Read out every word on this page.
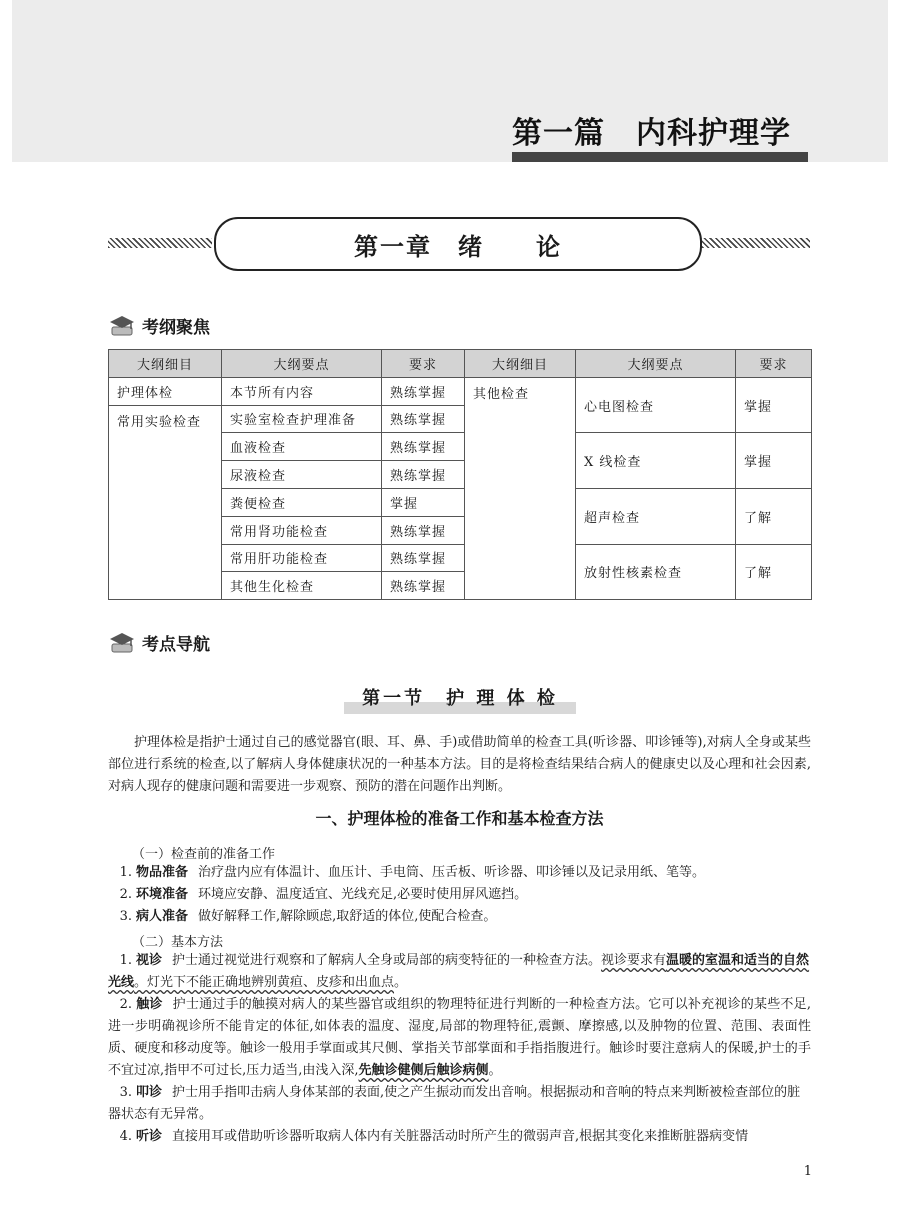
第一篇　内科护理学
第一章　绪　　论
考纲聚焦
大纲细目	大纲要点	要求	大纲细目	大纲要点	要求
护理体检	本节所有内容	熟练掌握	其他检查	心电图检查	掌握
常用实验检查	实验室检查护理准备	熟练掌握			
	血液检查	熟练掌握		X 线检查	掌握
	尿液检查	熟练掌握			
	粪便检查	掌握		超声检查	了解
	常用肾功能检查	熟练掌握			
	常用肝功能检查	熟练掌握		放射性核素检查	了解
	其他生化检查	熟练掌握			
考点导航
第一节　护 理 体 检

护理体检是指护士通过自己的感觉器官(眼、耳、鼻、手)或借助简单的检查工具(听诊器、叩诊锤等),对病人全身或某些部位进行系统的检查,以了解病人身体健康状况的一种基本方法。目的是将检查结果结合病人的健康史以及心理和社会因素,对病人现存的健康问题和需要进一步观察、预防的潜在问题作出判断。

一、护理体检的准备工作和基本检查方法
（一）检查前的准备工作
1. 物品准备 治疗盘内应有体温计、血压计、手电筒、压舌板、听诊器、叩诊锤以及记录用纸、笔等。
2. 环境准备 环境应安静、温度适宜、光线充足,必要时使用屏风遮挡。
3. 病人准备 做好解释工作,解除顾虑,取舒适的体位,使配合检查。
（二）基本方法
1. 视诊 护士通过视觉进行观察和了解病人全身或局部的病变特征的一种检查方法。视诊要求有温暖的室温和适当的自然光线。灯光下不能正确地辨别黄疸、皮疹和出血点。
2. 触诊 护士通过手的触摸对病人的某些器官或组织的物理特征进行判断的一种检查方法。它可以补充视诊的某些不足,进一步明确视诊所不能肯定的体征,如体表的温度、湿度,局部的物理特征,震颤、摩擦感,以及肿物的位置、范围、表面性质、硬度和移动度等。触诊一般用手掌面或其尺侧、掌指关节部掌面和手指指腹进行。触诊时要注意病人的保暖,护士的手不宜过凉,指甲不可过长,压力适当,由浅入深,先触诊健侧后触诊病侧。
3. 叩诊 护士用手指叩击病人身体某部的表面,使之产生振动而发出音响。根据振动和音响的特点来判断被检查部位的脏器状态有无异常。
4. 听诊 直接用耳或借助听诊器听取病人体内有关脏器活动时所产生的微弱声音,根据其变化来推断脏器病变情
1
